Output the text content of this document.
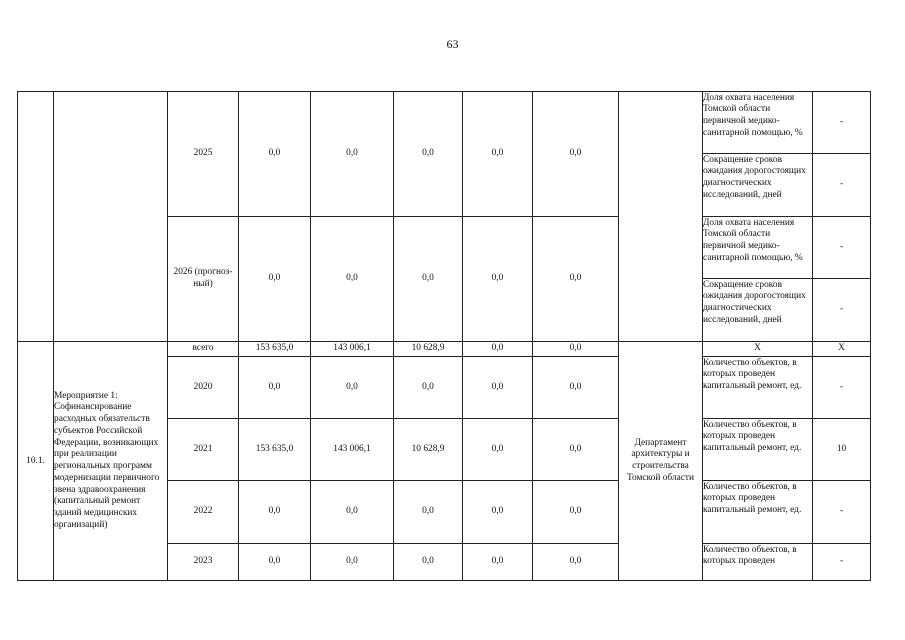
63
		2025	0,0	0,0	0,0	0,0	0,0		Доля охвата населения Томской области первичной медико-санитарной помощью, %	-

									Сокращение сроков ожидания дорогостоящих диагностических исследований, дней	-
		2026 (прогноз-ный)	0,0	0,0	0,0	0,0	0,0		Доля охвата населения Томской области первичной медико-санитарной помощью, %	-

									Сокращение сроков ожидания дорогостоящих диагностических исследований, дней	-
10.1.	Мероприятие 1: Софинансирование расходных обязательств субъектов Российской Федерации, возникающих при реализации региональных программ модернизации первичного звена здравоохранения (капитальный ремонт зданий медицинских организаций)	всего	153 635,0	143 006,1	10 628,9	0,0	0,0	Департамент архитектуры и строительства Томской области	Х	Х
		2020	0,0	0,0	0,0	0,0	0,0		Количество объектов, в которых проведен капитальный ремонт, ед.	-
		2021	153 635,0	143 006,1	10 628,9	0,0	0,0		Количество объектов, в которых проведен капитальный ремонт, ед.	10
		2022	0,0	0,0	0,0	0,0	0,0		Количество объектов, в которых проведен капитальный ремонт, ед.	-
		2023	0,0	0,0	0,0	0,0	0,0		Количество объектов, в которых проведен	-
